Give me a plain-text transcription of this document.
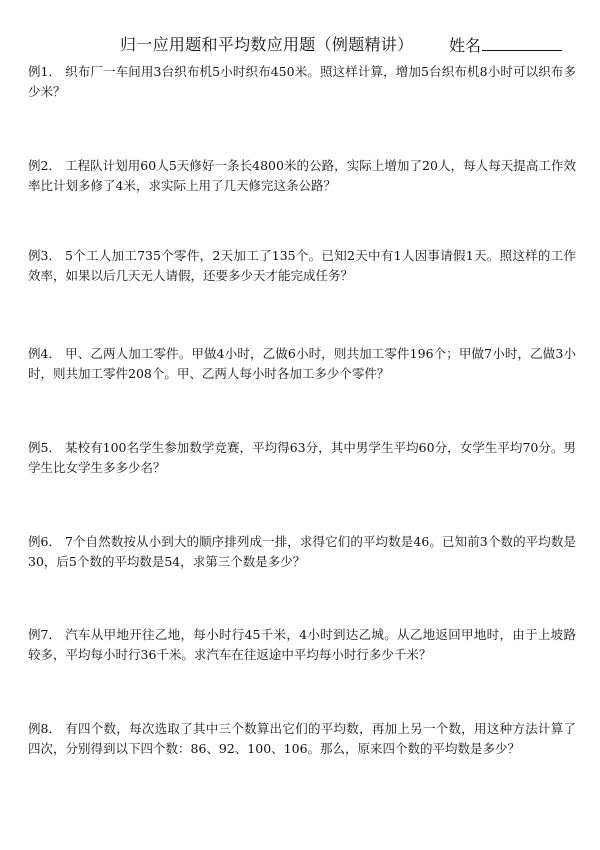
归一应用题和平均数应用题（例题精讲） 姓名
例1． 织布厂一车间用3台织布机5小时织布450米。照这样计算，增加5台织布机8小时可以织布多少米？
例2． 工程队计划用60人5天修好一条长4800米的公路，实际上增加了20人，每人每天提高工作效率比计划多修了4米，求实际上用了几天修完这条公路？
例3． 5个工人加工735个零件，2天加工了135个。已知2天中有1人因事请假1天。照这样的工作效率，如果以后几天无人请假，还要多少天才能完成任务？
例4． 甲、乙两人加工零件。甲做4小时，乙做6小时，则共加工零件196个；甲做7小时，乙做3小时，则共加工零件208个。甲、乙两人每小时各加工多少个零件？
例5． 某校有100名学生参加数学竞赛，平均得63分，其中男学生平均60分，女学生平均70分。男学生比女学生多多少名？
例6． 7个自然数按从小到大的顺序排列成一排，求得它们的平均数是46。已知前3个数的平均数是30，后5个数的平均数是54，求第三个数是多少？
例7． 汽车从甲地开往乙地，每小时行45千米，4小时到达乙城。从乙地返回甲地时，由于上坡路较多，平均每小时行36千米。求汽车在往返途中平均每小时行多少千米？
例8． 有四个数，每次选取了其中三个数算出它们的平均数，再加上另一个数，用这种方法计算了四次，分别得到以下四个数：86、92、100、106。那么，原来四个数的平均数是多少？
